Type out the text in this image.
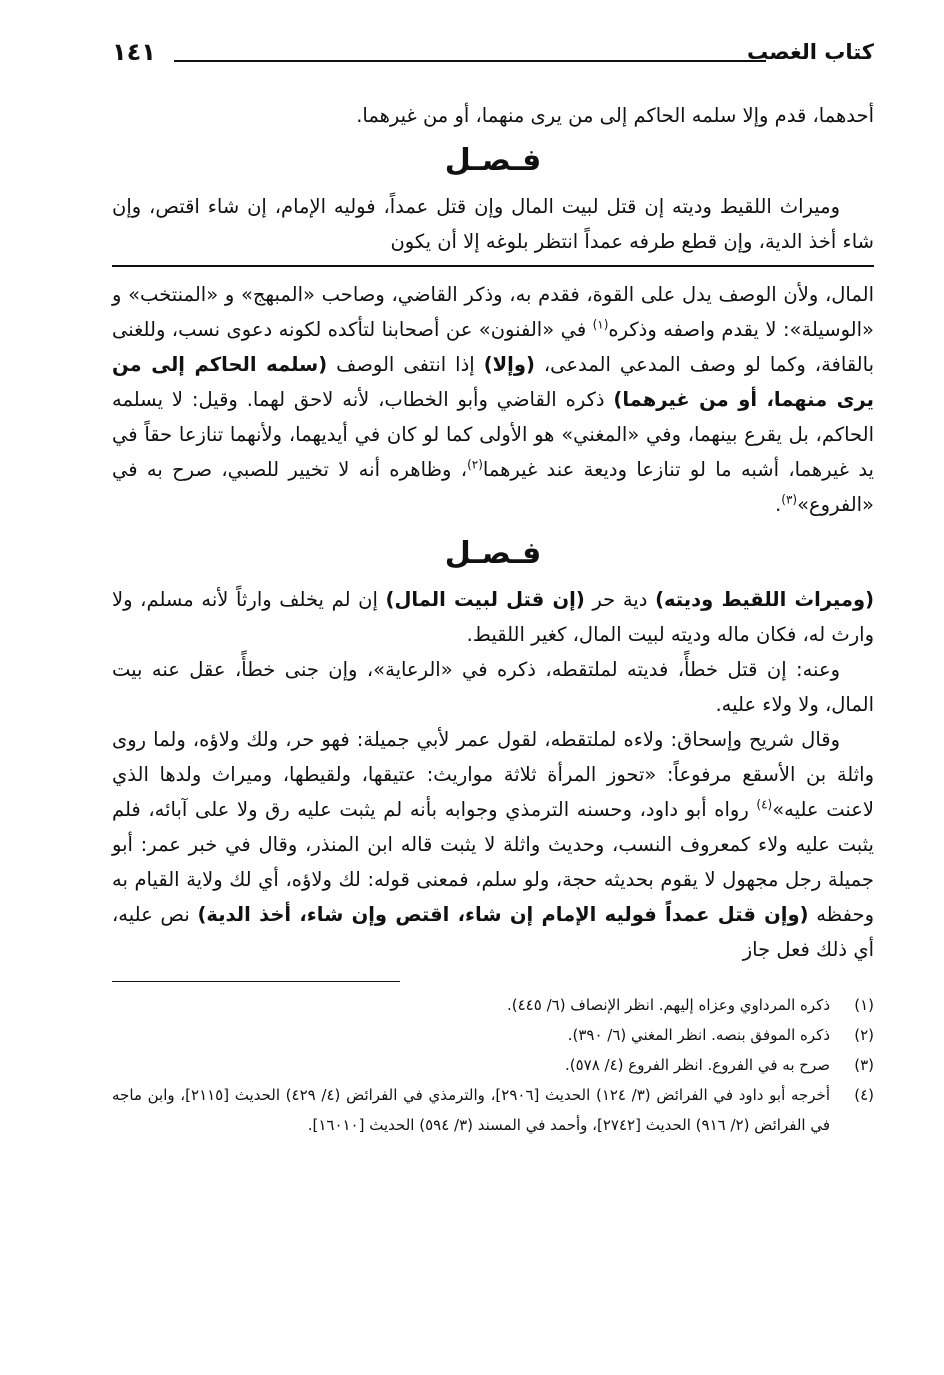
كتاب الغصب
١٤١

أحدهما، قدم وإلا سلمه الحاكم إلى من يرى منهما، أو من غيرهما.

فـصـل

وميراث اللقيط وديته إن قتل لبيت المال وإن قتل عمداً، فوليه الإمام، إن شاء اقتص، وإن شاء أخذ الدية، وإن قطع طرفه عمداً انتظر بلوغه إلا أن يكون

المال، ولأن الوصف يدل على القوة، فقدم به، وذكر القاضي، وصاحب «المبهج» و «المنتخب» و «الوسيلة»: لا يقدم واصفه وذكره$^{(١)}$ في «الفنون» عن أصحابنا لتأكده لكونه دعوى نسب، وللغنى بالقافة، وكما لو وصف المدعي المدعى، (وإلا) إذا انتفى الوصف (سلمه الحاكم إلى من يرى منهما، أو من غيرهما) ذكره القاضي وأبو الخطاب، لأنه لاحق لهما. وقيل: لا يسلمه الحاكم، بل يقرع بينهما، وفي «المغني» هو الأولى كما لو كان في أيديهما، ولأنهما تنازعا حقاً في يد غيرهما، أشبه ما لو تنازعا وديعة عند غيرهما$^{(٢)}$، وظاهره أنه لا تخيير للصبي، صرح به في «الفروع»$^{(٣)}$.

فـصـل

(وميراث اللقيط وديته) دية حر (إن قتل لبيت المال) إن لم يخلف وارثاً لأنه مسلم، ولا وارث له، فكان ماله وديته لبيت المال، كغير اللقيط.

وعنه: إن قتل خطأً، فديته لملتقطه، ذكره في «الرعاية»، وإن جنى خطأً، عقل عنه بيت المال، ولا ولاء عليه.

وقال شريح وإسحاق: ولاءه لملتقطه، لقول عمر لأبي جميلة: فهو حر، ولك ولاؤه، ولما روى واثلة بن الأسقع مرفوعاً: «تحوز المرأة ثلاثة مواريث: عتيقها، ولقيطها، وميراث ولدها الذي لاعنت عليه»$^{(٤)}$ رواه أبو داود، وحسنه الترمذي وجوابه بأنه لم يثبت عليه رق ولا على آبائه، فلم يثبت عليه ولاء كمعروف النسب، وحديث واثلة لا يثبت قاله ابن المنذر، وقال في خبر عمر: أبو جميلة رجل مجهول لا يقوم بحديثه حجة، ولو سلم، فمعنى قوله: لك ولاؤه، أي لك ولاية القيام به وحفظه (وإن قتل عمداً فوليه الإمام إن شاء، اقتص وإن شاء، أخذ الدية) نص عليه، أي ذلك فعل جاز

(١)
ذكره المرداوي وعزاه إليهم. انظر الإنصاف (٦/ ٤٤٥).

(٢)
ذكره الموفق بنصه. انظر المغني (٦/ ٣٩٠).

(٣)
صرح به في الفروع. انظر الفروع (٤/ ٥٧٨).

(٤)
أخرجه أبو داود في الفرائض (٣/ ١٢٤) الحديث [٢٩٠٦]، والترمذي في الفرائض (٤/ ٤٢٩) الحديث [٢١١٥]، وابن ماجه في الفرائض (٢/ ٩١٦) الحديث [٢٧٤٢]، وأحمد في المسند (٣/ ٥٩٤) الحديث [١٦٠١٠].
